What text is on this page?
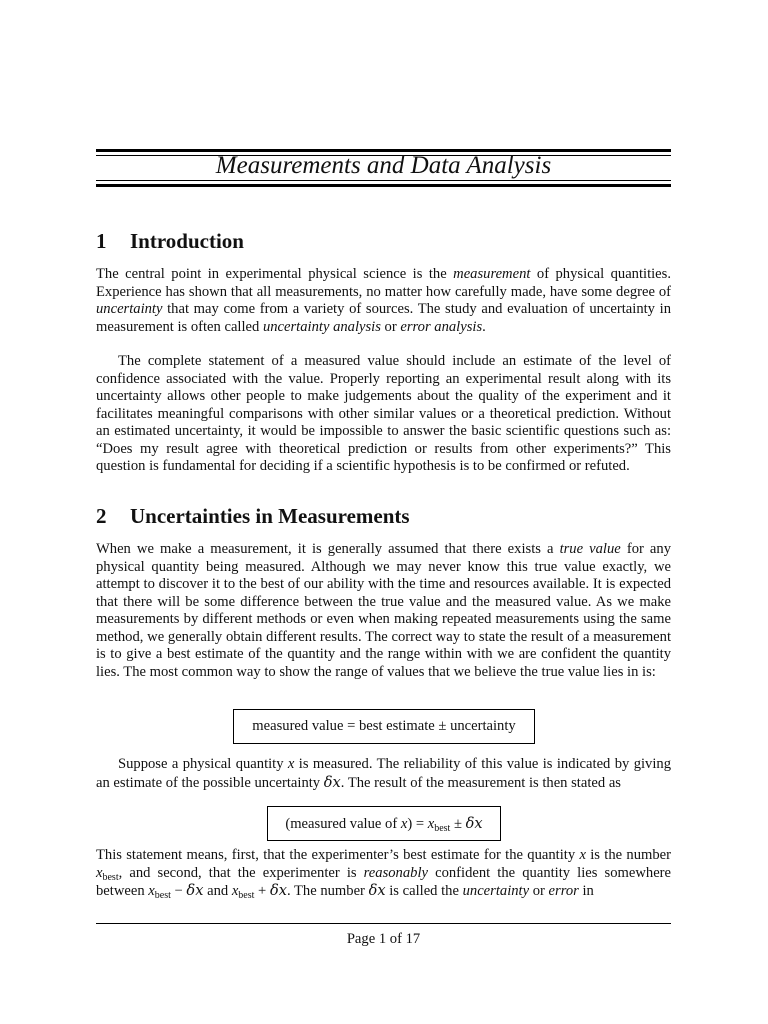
Measurements and Data Analysis
1 Introduction

The central point in experimental physical science is the measurement of physical quantities. Experience has shown that all measurements, no matter how carefully made, have some degree of uncertainty that may come from a variety of sources. The study and evaluation of uncertainty in measurement is often called uncertainty analysis or error analysis.

The complete statement of a measured value should include an estimate of the level of confidence associated with the value. Properly reporting an experimental result along with its uncertainty allows other people to make judgements about the quality of the experiment and it facilitates meaningful comparisons with other similar values or a theoretical prediction. Without an estimated uncertainty, it would be impossible to answer the basic scientific questions such as: “Does my result agree with theoretical prediction or results from other experiments?” This question is fundamental for deciding if a scientific hypothesis is to be confirmed or refuted.

2 Uncertainties in Measurements

When we make a measurement, it is generally assumed that there exists a true value for any physical quantity being measured. Although we may never know this true value exactly, we attempt to discover it to the best of our ability with the time and resources available. It is expected that there will be some difference between the true value and the measured value. As we make measurements by different methods or even when making repeated measurements using the same method, we generally obtain different results. The correct way to state the result of a measurement is to give a best estimate of the quantity and the range within with we are confident the quantity lies. The most common way to show the range of values that we believe the true value lies in is:

measured value = best estimate ± uncertainty

Suppose a physical quantity x is measured. The reliability of this value is indicated by giving an estimate of the possible uncertainty δx. The result of the measurement is then stated as

(measured value of $x) = x_{best} \pm \delta x$

This statement means, first, that the experimenter’s best estimate for the quantity x is the number $x_{best}$, and second, that the experimenter is reasonably confident the quantity lies somewhere between $x_{best} - \delta x$ and $x_{best} + \delta x$. The number δx is called the uncertainty or error in

Page 1 of 17
